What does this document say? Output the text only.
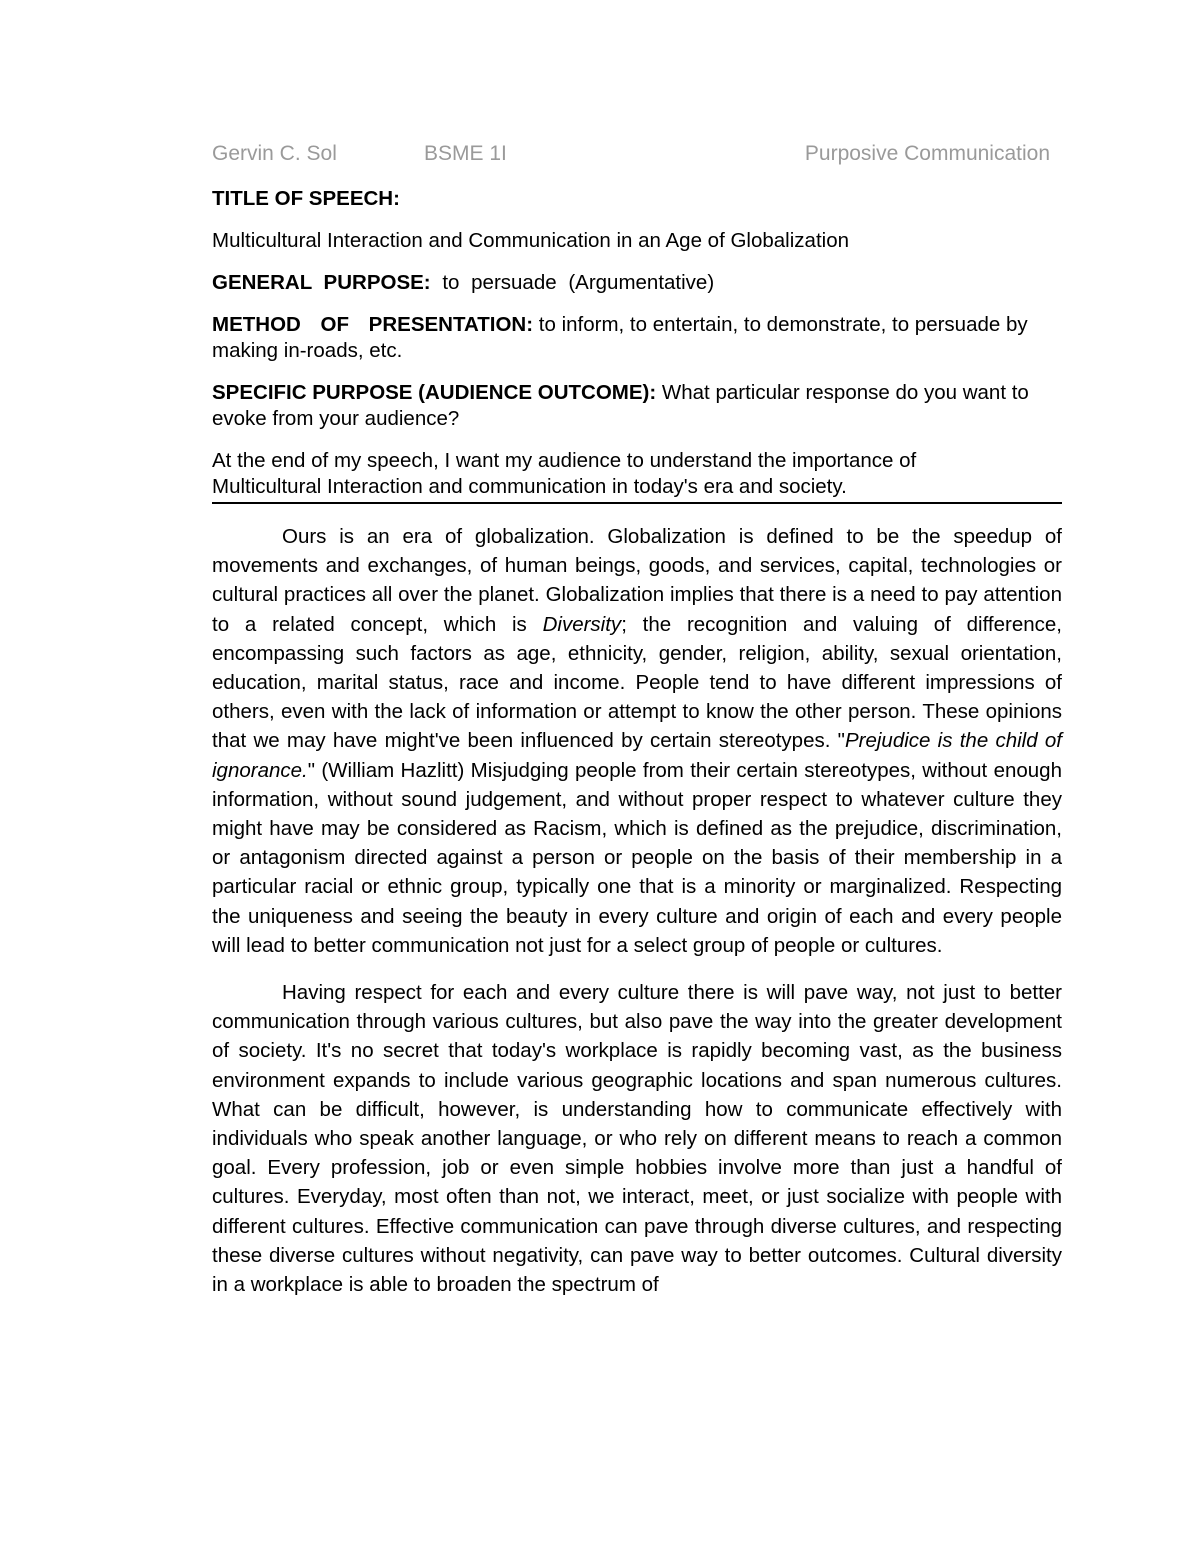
Gervin C. Sol	BSME 1I	Purposive Communication

TITLE OF SPEECH:

Multicultural Interaction and Communication in an Age of Globalization

GENERAL PURPOSE: to persuade (Argumentative)

METHOD OF PRESENTATION: to inform, to entertain, to demonstrate, to persuade by making in-roads, etc.

SPECIFIC PURPOSE (AUDIENCE OUTCOME): What particular response do you want to evoke from your audience?

At the end of my speech, I want my audience to understand the importance of
Multicultural Interaction and communication in today's era and society.

Ours is an era of globalization. Globalization is defined to be the speedup of movements and exchanges, of human beings, goods, and services, capital, technologies or cultural practices all over the planet. Globalization implies that there is a need to pay attention to a related concept, which is Diversity; the recognition and valuing of difference, encompassing such factors as age, ethnicity, gender, religion, ability, sexual orientation, education, marital status, race and income. People tend to have different impressions of others, even with the lack of information or attempt to know the other person. These opinions that we may have might've been influenced by certain stereotypes. "Prejudice is the child of ignorance." (William Hazlitt) Misjudging people from their certain stereotypes, without enough information, without sound judgement, and without proper respect to whatever culture they might have may be considered as Racism, which is defined as the prejudice, discrimination, or antagonism directed against a person or people on the basis of their membership in a particular racial or ethnic group, typically one that is a minority or marginalized. Respecting the uniqueness and seeing the beauty in every culture and origin of each and every people will lead to better communication not just for a select group of people or cultures.

Having respect for each and every culture there is will pave way, not just to better communication through various cultures, but also pave the way into the greater development of society. It's no secret that today's workplace is rapidly becoming vast, as the business environment expands to include various geographic locations and span numerous cultures. What can be difficult, however, is understanding how to communicate effectively with individuals who speak another language, or who rely on different means to reach a common goal. Every profession, job or even simple hobbies involve more than just a handful of cultures. Everyday, most often than not, we interact, meet, or just socialize with people with different cultures. Effective communication can pave through diverse cultures, and respecting these diverse cultures without negativity, can pave way to better outcomes. Cultural diversity in a workplace is able to broaden the spectrum of
